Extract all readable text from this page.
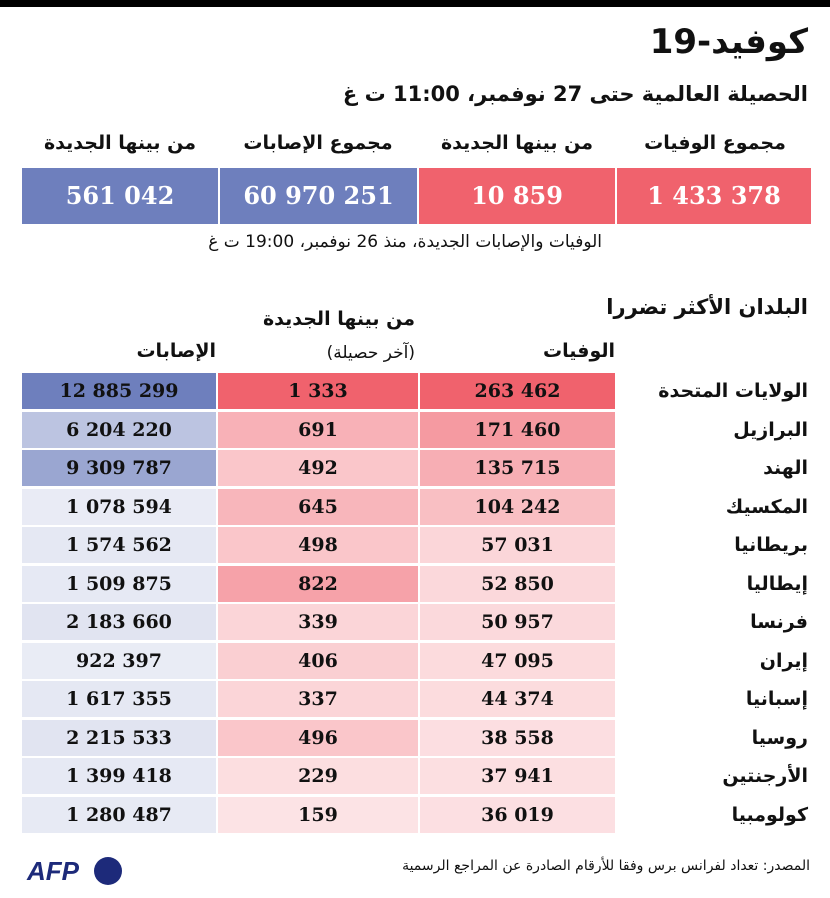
كوفيد-19
الحصيلة العالمية حتى 27 نوفمبر، 11:00 ت غ
مجموع الوفيات
من بينها الجديدة
مجموع الإصابات
من بينها الجديدة
1 433 378
10 859
60 970 251
561 042
الوفيات والإصابات الجديدة، منذ 26 نوفمبر، 19:00 ت غ
البلدان الأكثر تضررا
الوفيات
من بينها الجديدة
(آخر حصيلة)
الإصابات
الولايات المتحدة
263 462
1 333
12 885 299
البرازيل
171 460
691
6 204 220
الهند
135 715
492
9 309 787
المكسيك
104 242
645
1 078 594
بريطانيا
57 031
498
1 574 562
إيطاليا
52 850
822
1 509 875
فرنسا
50 957
339
2 183 660
إيران
47 095
406
922 397
إسبانيا
44 374
337
1 617 355
روسيا
38 558
496
2 215 533
الأرجنتين
37 941
229
1 399 418
كولومبيا
36 019
159
1 280 487
المصدر: تعداد لفرانس برس وفقا للأرقام الصادرة عن المراجع الرسمية
AFP
